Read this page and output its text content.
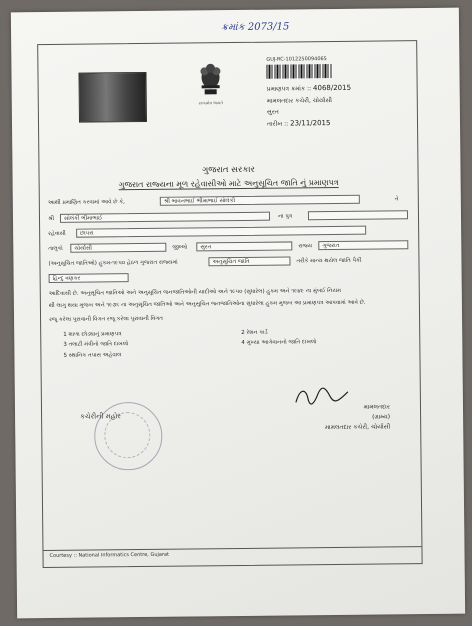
ક્રમાંક 2073/15
સત્યમેવ જયતે
GUJ-RC-1012250094065
પ્રમાણપત્ર ક્રમાંક :: 4068/2015
મામલતદાર કચેરી, ચોર્યાસી
સુરત
તારીખ :: 23/11/2015
ગુજરાત સરકાર
ગુજરાત રાજ્યના મૂળ રહેવાસીઓ માટે અનુસૂચિત જાતિ નું પ્રમાણપત્ર
આથી પ્રમાણિત કરવામાં આવે છે કે,	શ્રી ભાવનભાઈ ભીમાભાઈ સોલંકી	તે
શ્રી	સોલંકી ભીમાભાઈ	ના પુત્ર
રહેવાસી	છાપરા
તાલુકો	ચોર્યાસી	જીલ્લો	સુરત	રાજ્ય	ગુજરાત
(અનુસૂચિત જાતિઓ) હુકમ-૧૯૫૦ હેઠળ ગુજરાત રાજ્યમાં	અનુસૂચિત જાતિ	તરીકે માન્ય થયેલ જાતિ પૈકી
હિન્દુ વણકર
આદિવાસી છે. અનુસૂચિત જાતિઓ અને અનુસૂચિત જનજાતિઓની યાદીઓ અને ૧૯૫૦ (સુધારેલ) હુકમ અને ૧૯૪૯ ના મુંબઈ નિયમ
થી લાગુ થયા મુજબ અને ૧૯૭૬ ના અનુસૂચિત જાતિઓ અને અનુસૂચિત જનજાતિઓના સુધારેલા હુકમ મુજબ આ પ્રમાણપત્ર આપવામાં આવે છે.
રજૂ કરેલા પુરાવાની વિગત રજૂ કરેલા પુરાવાની વિગત
1 શાળા છોડ્યાનું પ્રમાણપત્ર	2 રેશન કાર્ડ
3 તલાટી મંત્રીનો જાતિ દાખલો	4 મુખ્યા આગેવાનનો જાતિ દાખલો
5 સ્થાનિક તપાસ અહેવાલ
કચેરીની મહોર
મામલતદાર
(ગ્રામ્ય)
મામલતદાર કચેરી, ચોર્યાસી
Courtesy :: National Informatics Centre, Gujarat
